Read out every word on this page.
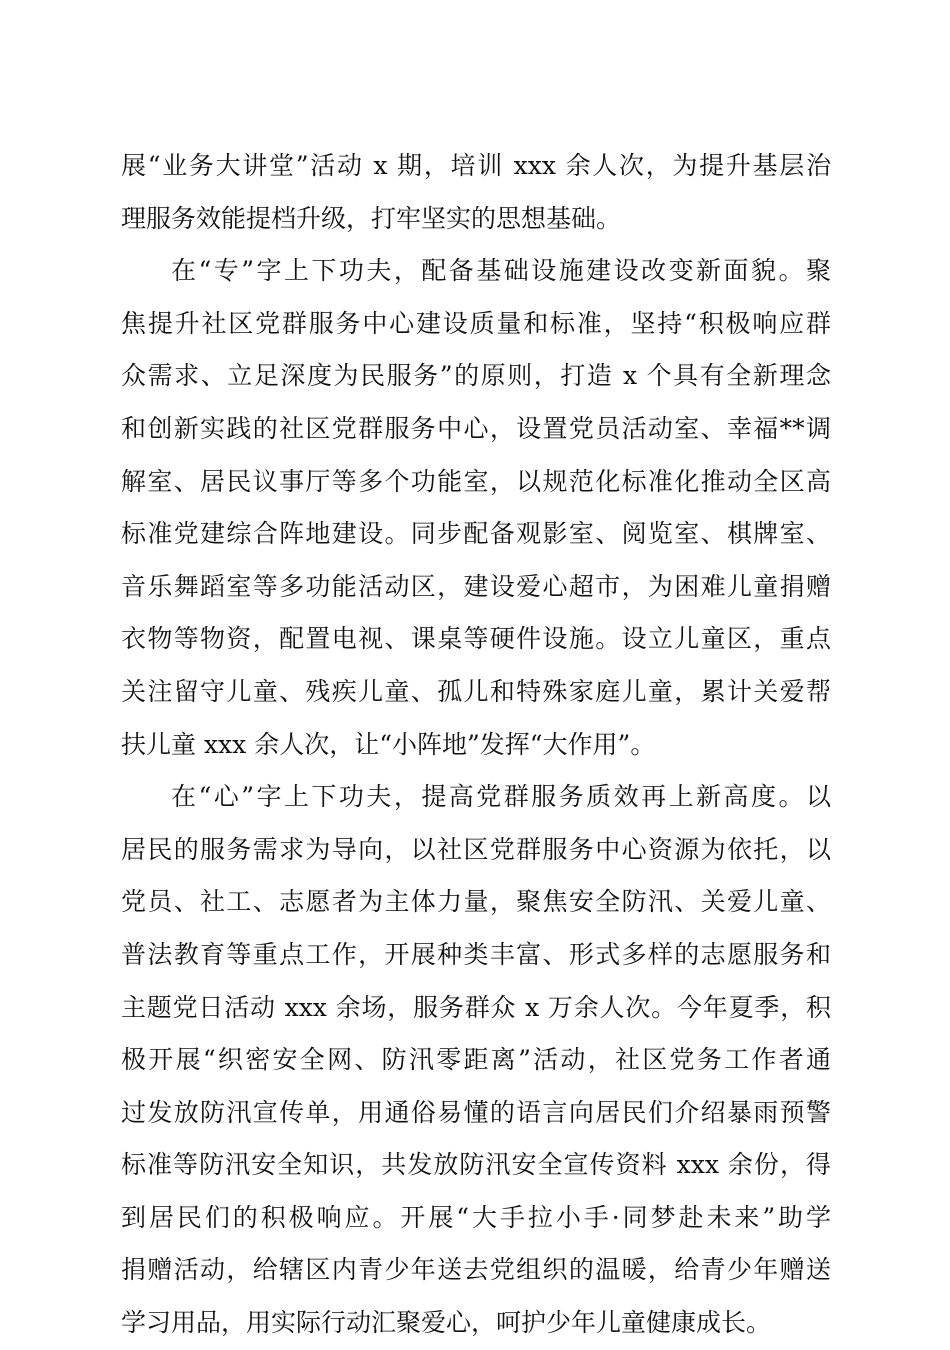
展“业务大讲堂”活动 x 期，培训 xxx 余人次，为提升基层治
理服务效能提档升级，打牢坚实的思想基础。
在“专”字上下功夫，配备基础设施建设改变新面貌。聚
焦提升社区党群服务中心建设质量和标准，坚持“积极响应群
众需求、立足深度为民服务”的原则，打造 x 个具有全新理念
和创新实践的社区党群服务中心，设置党员活动室、幸福**调
解室、居民议事厅等多个功能室，以规范化标准化推动全区高
标准党建综合阵地建设。同步配备观影室、阅览室、棋牌室、
音乐舞蹈室等多功能活动区，建设爱心超市，为困难儿童捐赠
衣物等物资，配置电视、课桌等硬件设施。设立儿童区，重点
关注留守儿童、残疾儿童、孤儿和特殊家庭儿童，累计关爱帮
扶儿童 xxx 余人次，让“小阵地”发挥“大作用”。
在“心”字上下功夫，提高党群服务质效再上新高度。以
居民的服务需求为导向，以社区党群服务中心资源为依托，以
党员、社工、志愿者为主体力量，聚焦安全防汛、关爱儿童、
普法教育等重点工作，开展种类丰富、形式多样的志愿服务和
主题党日活动 xxx 余场，服务群众 x 万余人次。今年夏季，积
极开展“织密安全网、防汛零距离”活动，社区党务工作者通
过发放防汛宣传单，用通俗易懂的语言向居民们介绍暴雨预警
标准等防汛安全知识，共发放防汛安全宣传资料 xxx 余份，得
到居民们的积极响应。开展“大手拉小手·同梦赴未来”助学
捐赠活动，给辖区内青少年送去党组织的温暖，给青少年赠送
学习用品，用实际行动汇聚爱心，呵护少年儿童健康成长。
